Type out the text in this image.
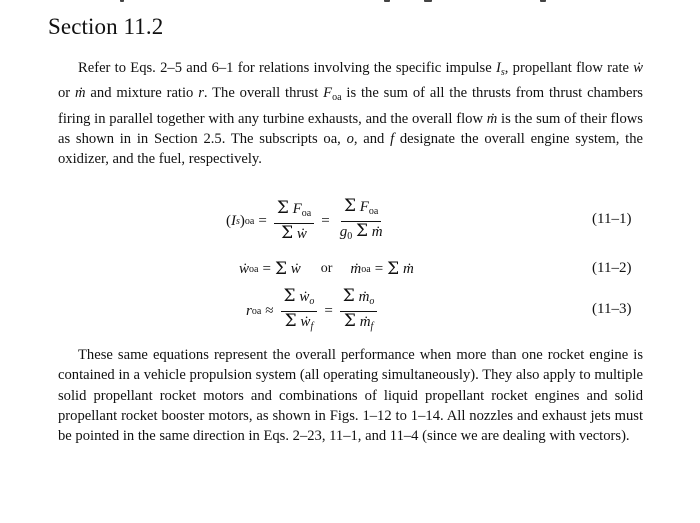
Section 11.2
Refer to Eqs. 2–5 and 6–1 for relations involving the specific impulse $I_s$, propellant flow rate ẇ or ṁ and mixture ratio r. The overall thrust $F_{oa}$ is the sum of all the thrusts from thrust chambers firing in parallel together with any turbine exhausts, and the overall flow ṁ is the sum of their flows as shown in in Section 2.5. The subscripts oa, o, and f designate the overall engine system, the oxidizer, and the fuel, respectively.
( I s ) oa = $\frac{\Sigma F_{oa}}{\text{Σ ẇ}} = \frac{\Sigma F_{oa}}{g_0 \Sigma ṁ}$	(11–1)
ẇ oa = Σ
ẇ or ṁ oa = Σ
ṁ	(11–2)
r oa ≈ $\frac{\Sigma ẇ_o}{\Sigma ẇ_f} = \frac{\Sigma ṁ_o}{\Sigma ṁ_f}$	(11–3)
These same equations represent the overall performance when more than one rocket engine is contained in a vehicle propulsion system (all operating simultaneously). They also apply to multiple solid propellant rocket motors and combinations of liquid propellant rocket engines and solid propellant rocket booster motors, as shown in Figs. 1–12 to 1–14. All nozzles and exhaust jets must be pointed in the same direction in Eqs. 2–23, 11–1, and 11–4 (since we are dealing with vectors).
